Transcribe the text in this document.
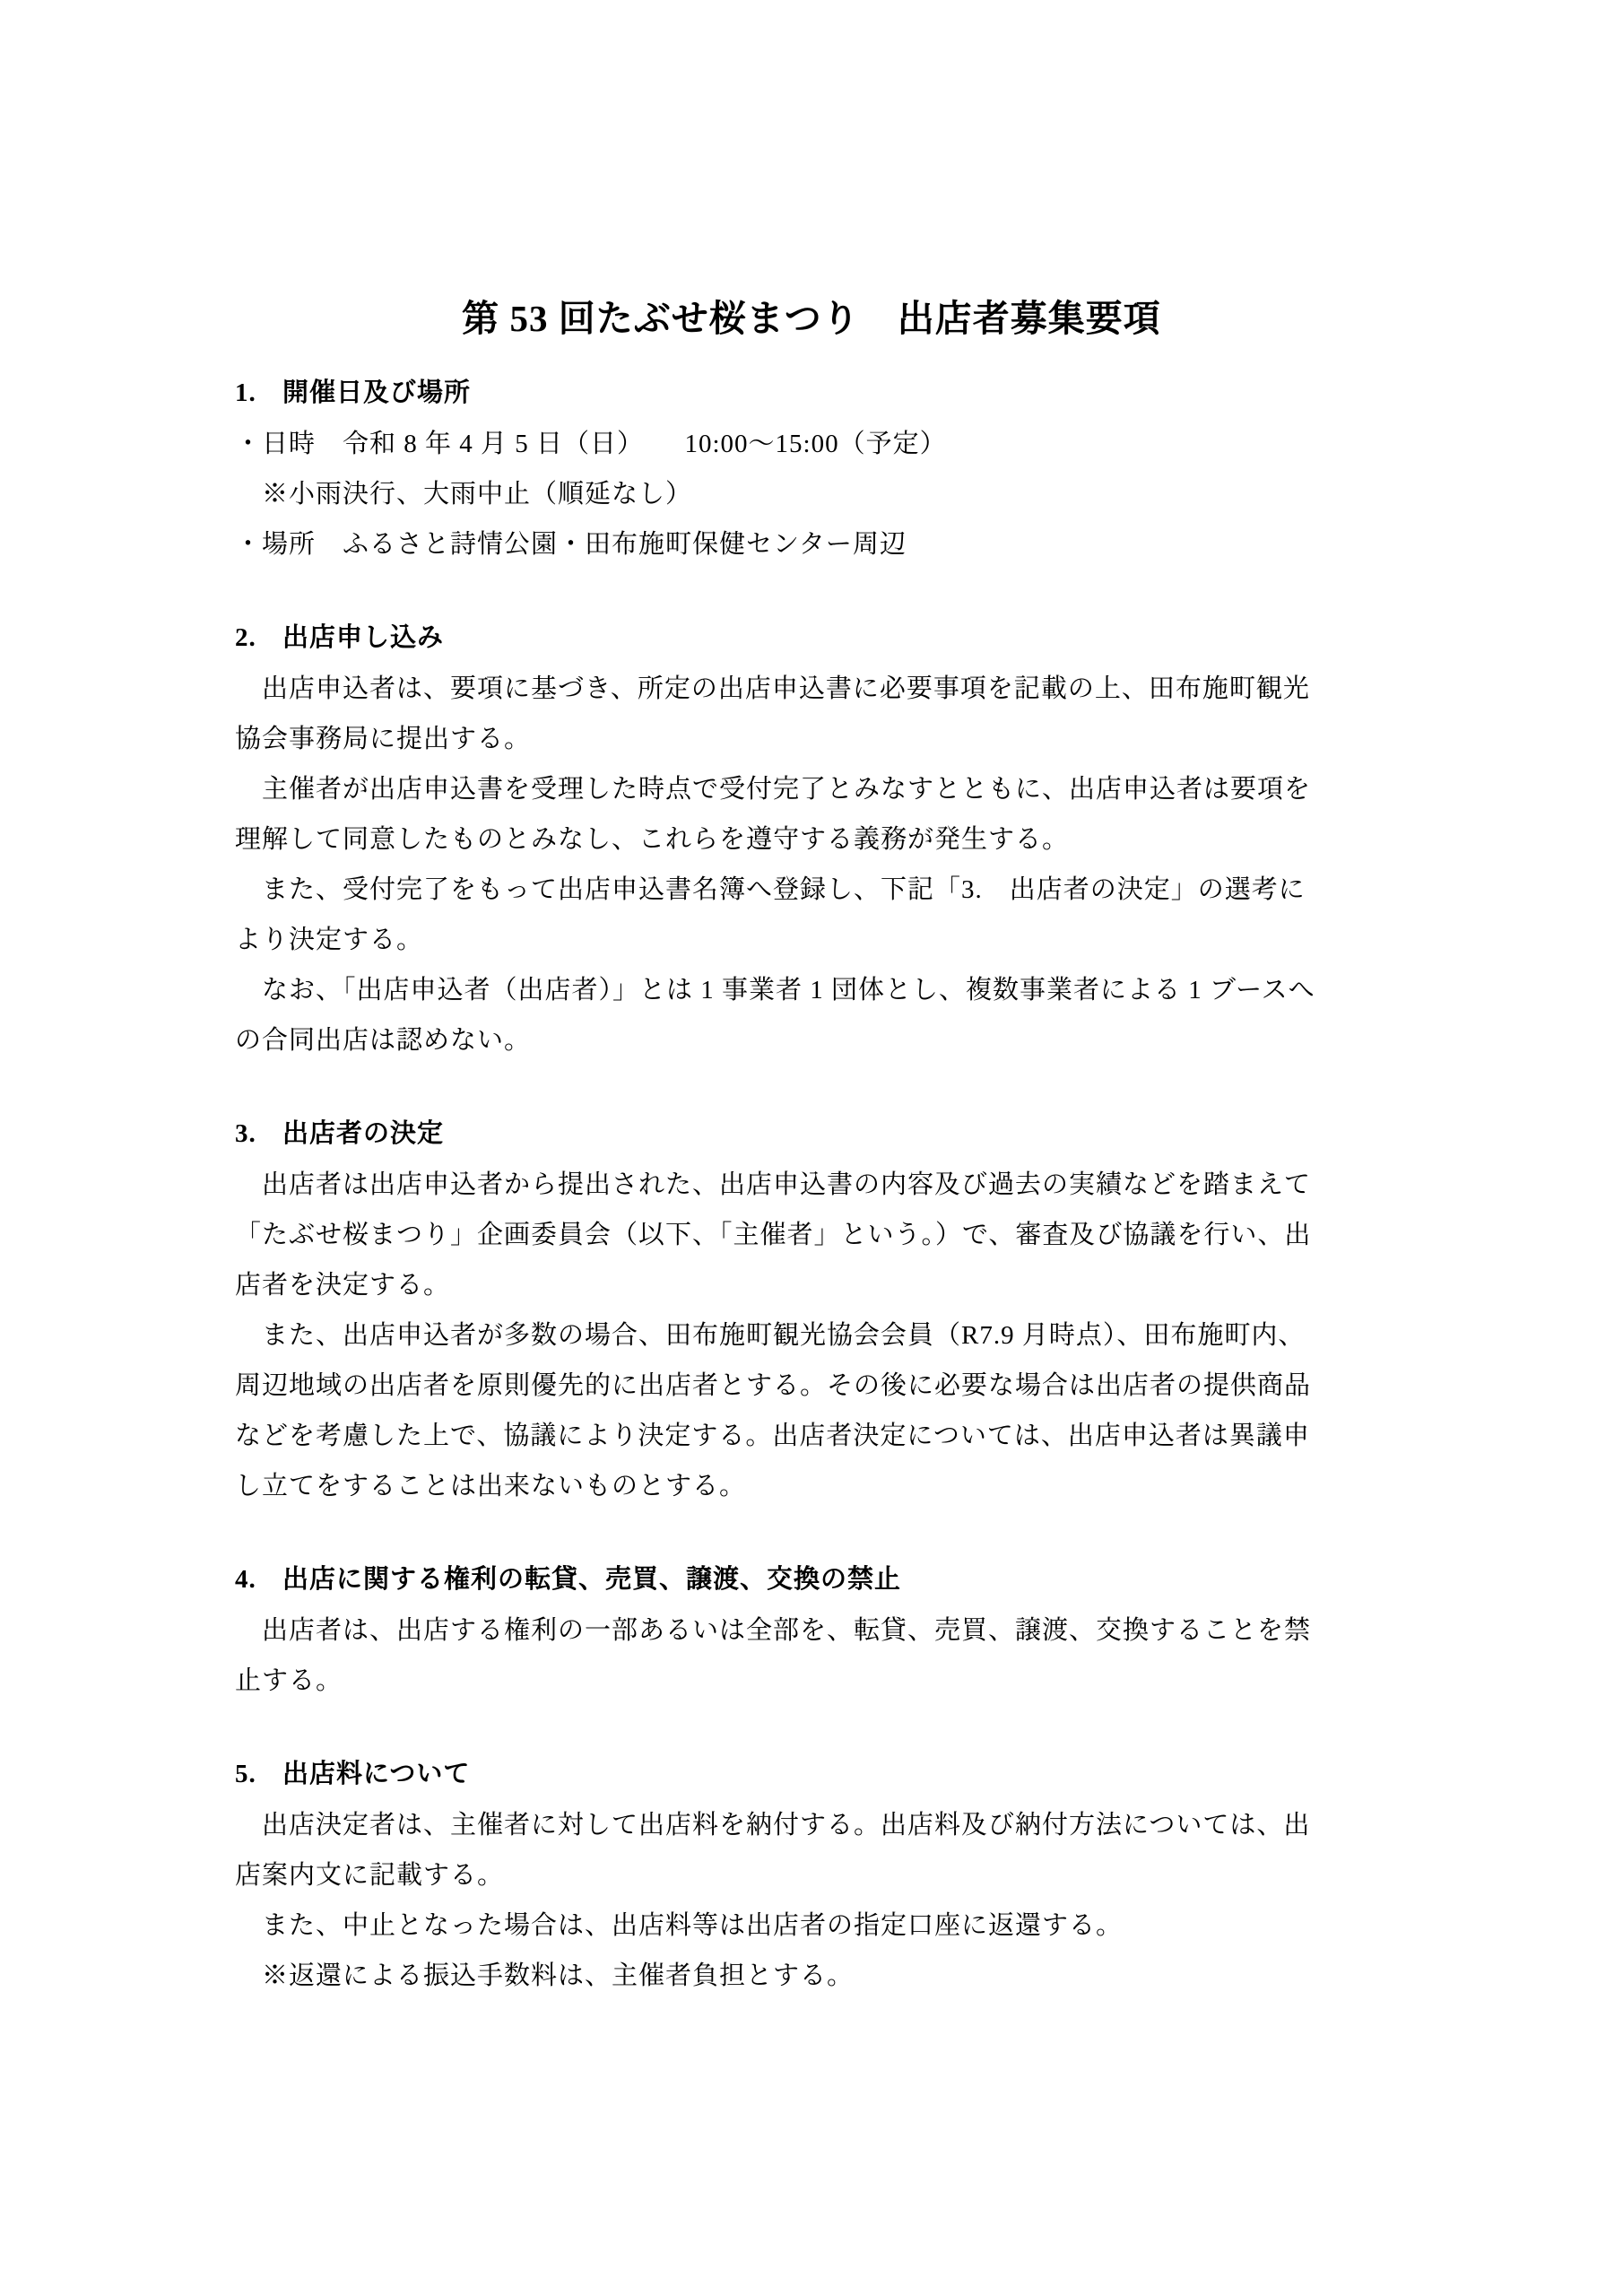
第 53 回たぶせ桜まつり　出店者募集要項
1.	開催日及び場所
・日時　令和 8 年 4 月 5 日（日）　　10:00～15:00（予定）
　※小雨決行、大雨中止（順延なし）
・場所　ふるさと詩情公園・田布施町保健センター周辺
2.	出店申し込み
　出店申込者は、要項に基づき、所定の出店申込書に必要事項を記載の上、田布施町観光
協会事務局に提出する。
　主催者が出店申込書を受理した時点で受付完了とみなすとともに、出店申込者は要項を
理解して同意したものとみなし、これらを遵守する義務が発生する。
　また、受付完了をもって出店申込書名簿へ登録し、下記「3.　出店者の決定」の選考に
より決定する。
　なお、「出店申込者（出店者）」とは 1 事業者 1 団体とし、複数事業者による 1 ブースへ
の合同出店は認めない。
3.	出店者の決定
　出店者は出店申込者から提出された、出店申込書の内容及び過去の実績などを踏まえて
「たぶせ桜まつり」企画委員会（以下、「主催者」という。）で、審査及び協議を行い、出
店者を決定する。
　また、出店申込者が多数の場合、田布施町観光協会会員（R7.9 月時点）、田布施町内、
周辺地域の出店者を原則優先的に出店者とする。その後に必要な場合は出店者の提供商品
などを考慮した上で、協議により決定する。出店者決定については、出店申込者は異議申
し立てをすることは出来ないものとする。
4.	出店に関する権利の転貸、売買、譲渡、交換の禁止
　出店者は、出店する権利の一部あるいは全部を、転貸、売買、譲渡、交換することを禁
止する。
5.	出店料について
　出店決定者は、主催者に対して出店料を納付する。出店料及び納付方法については、出
店案内文に記載する。
　また、中止となった場合は、出店料等は出店者の指定口座に返還する。
　※返還による振込手数料は、主催者負担とする。
